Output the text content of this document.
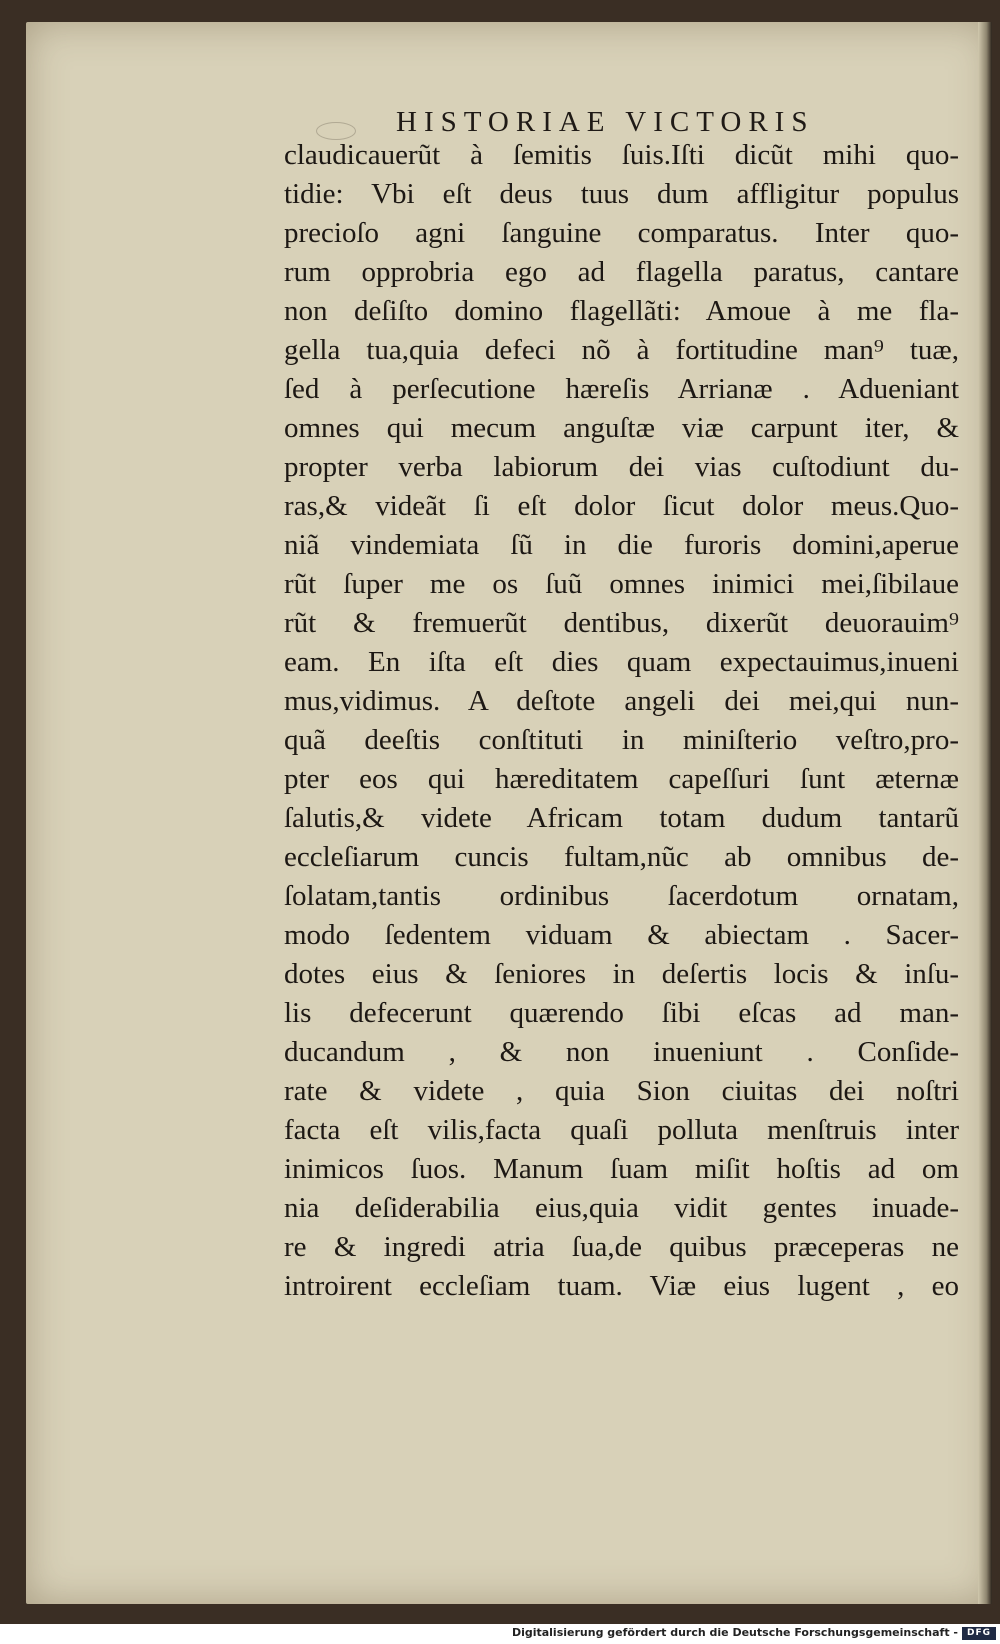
HISTORIAE VICTORIS
claudicauerũt à ſemitis ſuis.Iſti dicũt mihi quo-
tidie: Vbi eſt deus tuus dum affligitur populus
precioſo agni ſanguine comparatus. Inter quo-
rum opprobria ego ad flagella paratus, cantare
non deſiſto domino flagellãti: Amoue à me fla-
gella tua,quia defeci nõ à fortitudine man⁹ tuæ,
ſed à perſecutione hæreſis Arrianæ . Adueniant
omnes qui mecum anguſtæ viæ carpunt iter, &
propter verba labiorum dei vias cuſtodiunt du-
ras,& videãt ſi eſt dolor ſicut dolor meus.Quo-
niã vindemiata ſũ in die furoris domini,aperue
rũt ſuper me os ſuũ omnes inimici mei,ſibilaue
rũt & fremuerũt dentibus, dixerũt deuorauim⁹
eam. En iſta eſt dies quam expectauimus,inueni
mus,vidimus. A deſtote angeli dei mei,qui nun-
quã deeſtis conſtituti in miniſterio veſtro,pro-
pter eos qui hæreditatem capeſſuri ſunt æternæ
ſalutis,& videte Africam totam dudum tantarũ
eccleſiarum cuncis fultam,nũc ab omnibus de-
ſolatam,tantis ordinibus ſacerdotum ornatam,
modo ſedentem viduam & abiectam . Sacer-
dotes eius & ſeniores in deſertis locis & inſu-
lis defecerunt quærendo ſibi eſcas ad man-
ducandum , & non inueniunt . Conſide-
rate & videte , quia Sion ciuitas dei noſtri
facta eſt vilis,facta quaſi polluta menſtruis inter
inimicos ſuos. Manum ſuam miſit hoſtis ad om
nia deſiderabilia eius,quia vidit gentes inuade-
re & ingredi atria ſua,de quibus præceperas ne
introirent eccleſiam tuam. Viæ eius lugent , eo
Digitalisierung gefördert durch die Deutsche Forschungsgemeinschaft - DFG
